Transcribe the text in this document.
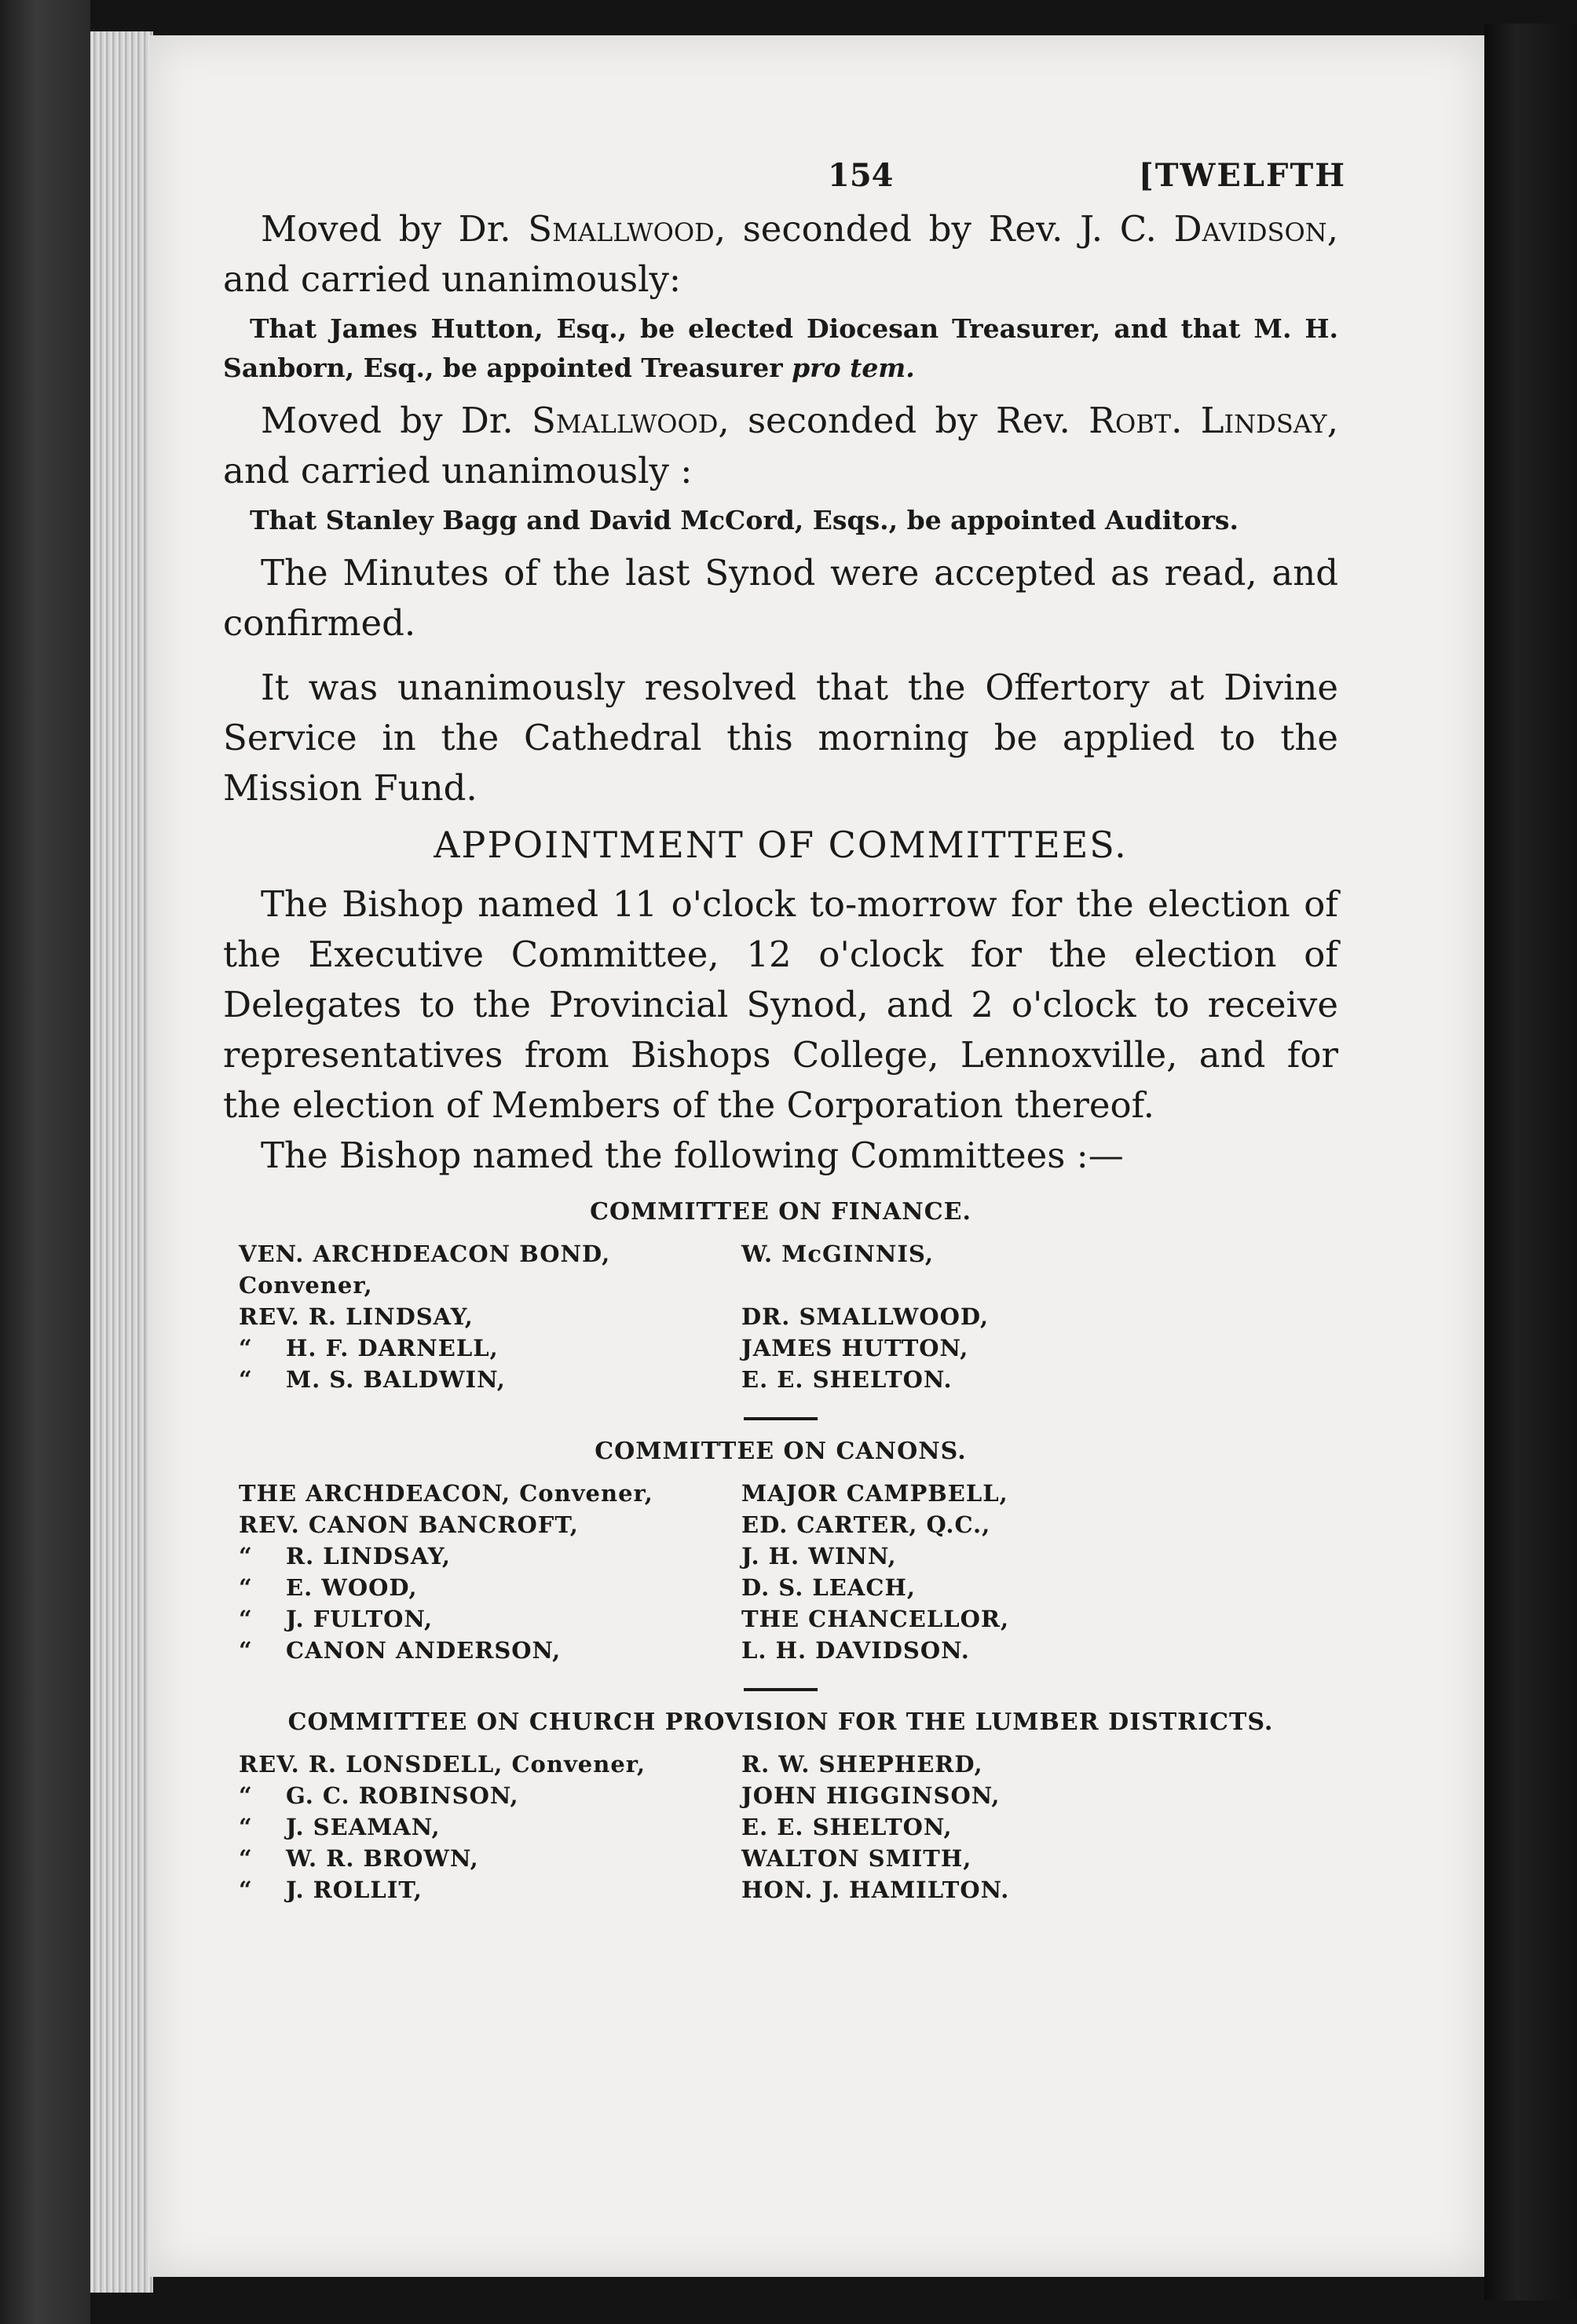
154	[TWELFTH

Moved by Dr. Smallwood, seconded by Rev. J. C. Davidson, and carried unanimously:

That James Hutton, Esq., be elected Diocesan Treasurer, and that M. H. Sanborn, Esq., be appointed Treasurer pro tem.

Moved by Dr. Smallwood, seconded by Rev. Robt. Lindsay, and carried unanimously :

That Stanley Bagg and David McCord, Esqs., be appointed Auditors.

The Minutes of the last Synod were accepted as read, and confirmed.

It was unanimously resolved that the Offertory at Divine Service in the Cathedral this morning be applied to the Mission Fund.

APPOINTMENT OF COMMITTEES.

The Bishop named 11 o'clock to-morrow for the election of the Executive Committee, 12 o'clock for the election of Delegates to the Provincial Synod, and 2 o'clock to receive representatives from Bishops College, Lennoxville, and for the election of Members of the Corporation thereof.

The Bishop named the following Committees :—

COMMITTEE ON FINANCE.
VEN. ARCHDEACON BOND, Convener,	W. McGINNIS,
REV. R. LINDSAY,	DR. SMALLWOOD,
“ H. F. DARNELL,	JAMES HUTTON,
“ M. S. BALDWIN,	E. E. SHELTON.
COMMITTEE ON CANONS.
THE ARCHDEACON, Convener,	MAJOR CAMPBELL,
REV. CANON BANCROFT,	ED. CARTER, Q.C.,
“ R. LINDSAY,	J. H. WINN,
“ E. WOOD,	D. S. LEACH,
“ J. FULTON,	THE CHANCELLOR,
“ CANON ANDERSON,	L. H. DAVIDSON.
COMMITTEE ON CHURCH PROVISION FOR THE LUMBER DISTRICTS.
REV. R. LONSDELL, Convener,	R. W. SHEPHERD,
“ G. C. ROBINSON,	JOHN HIGGINSON,
“ J. SEAMAN,	E. E. SHELTON,
“ W. R. BROWN,	WALTON SMITH,
“ J. ROLLIT,	HON. J. HAMILTON.
